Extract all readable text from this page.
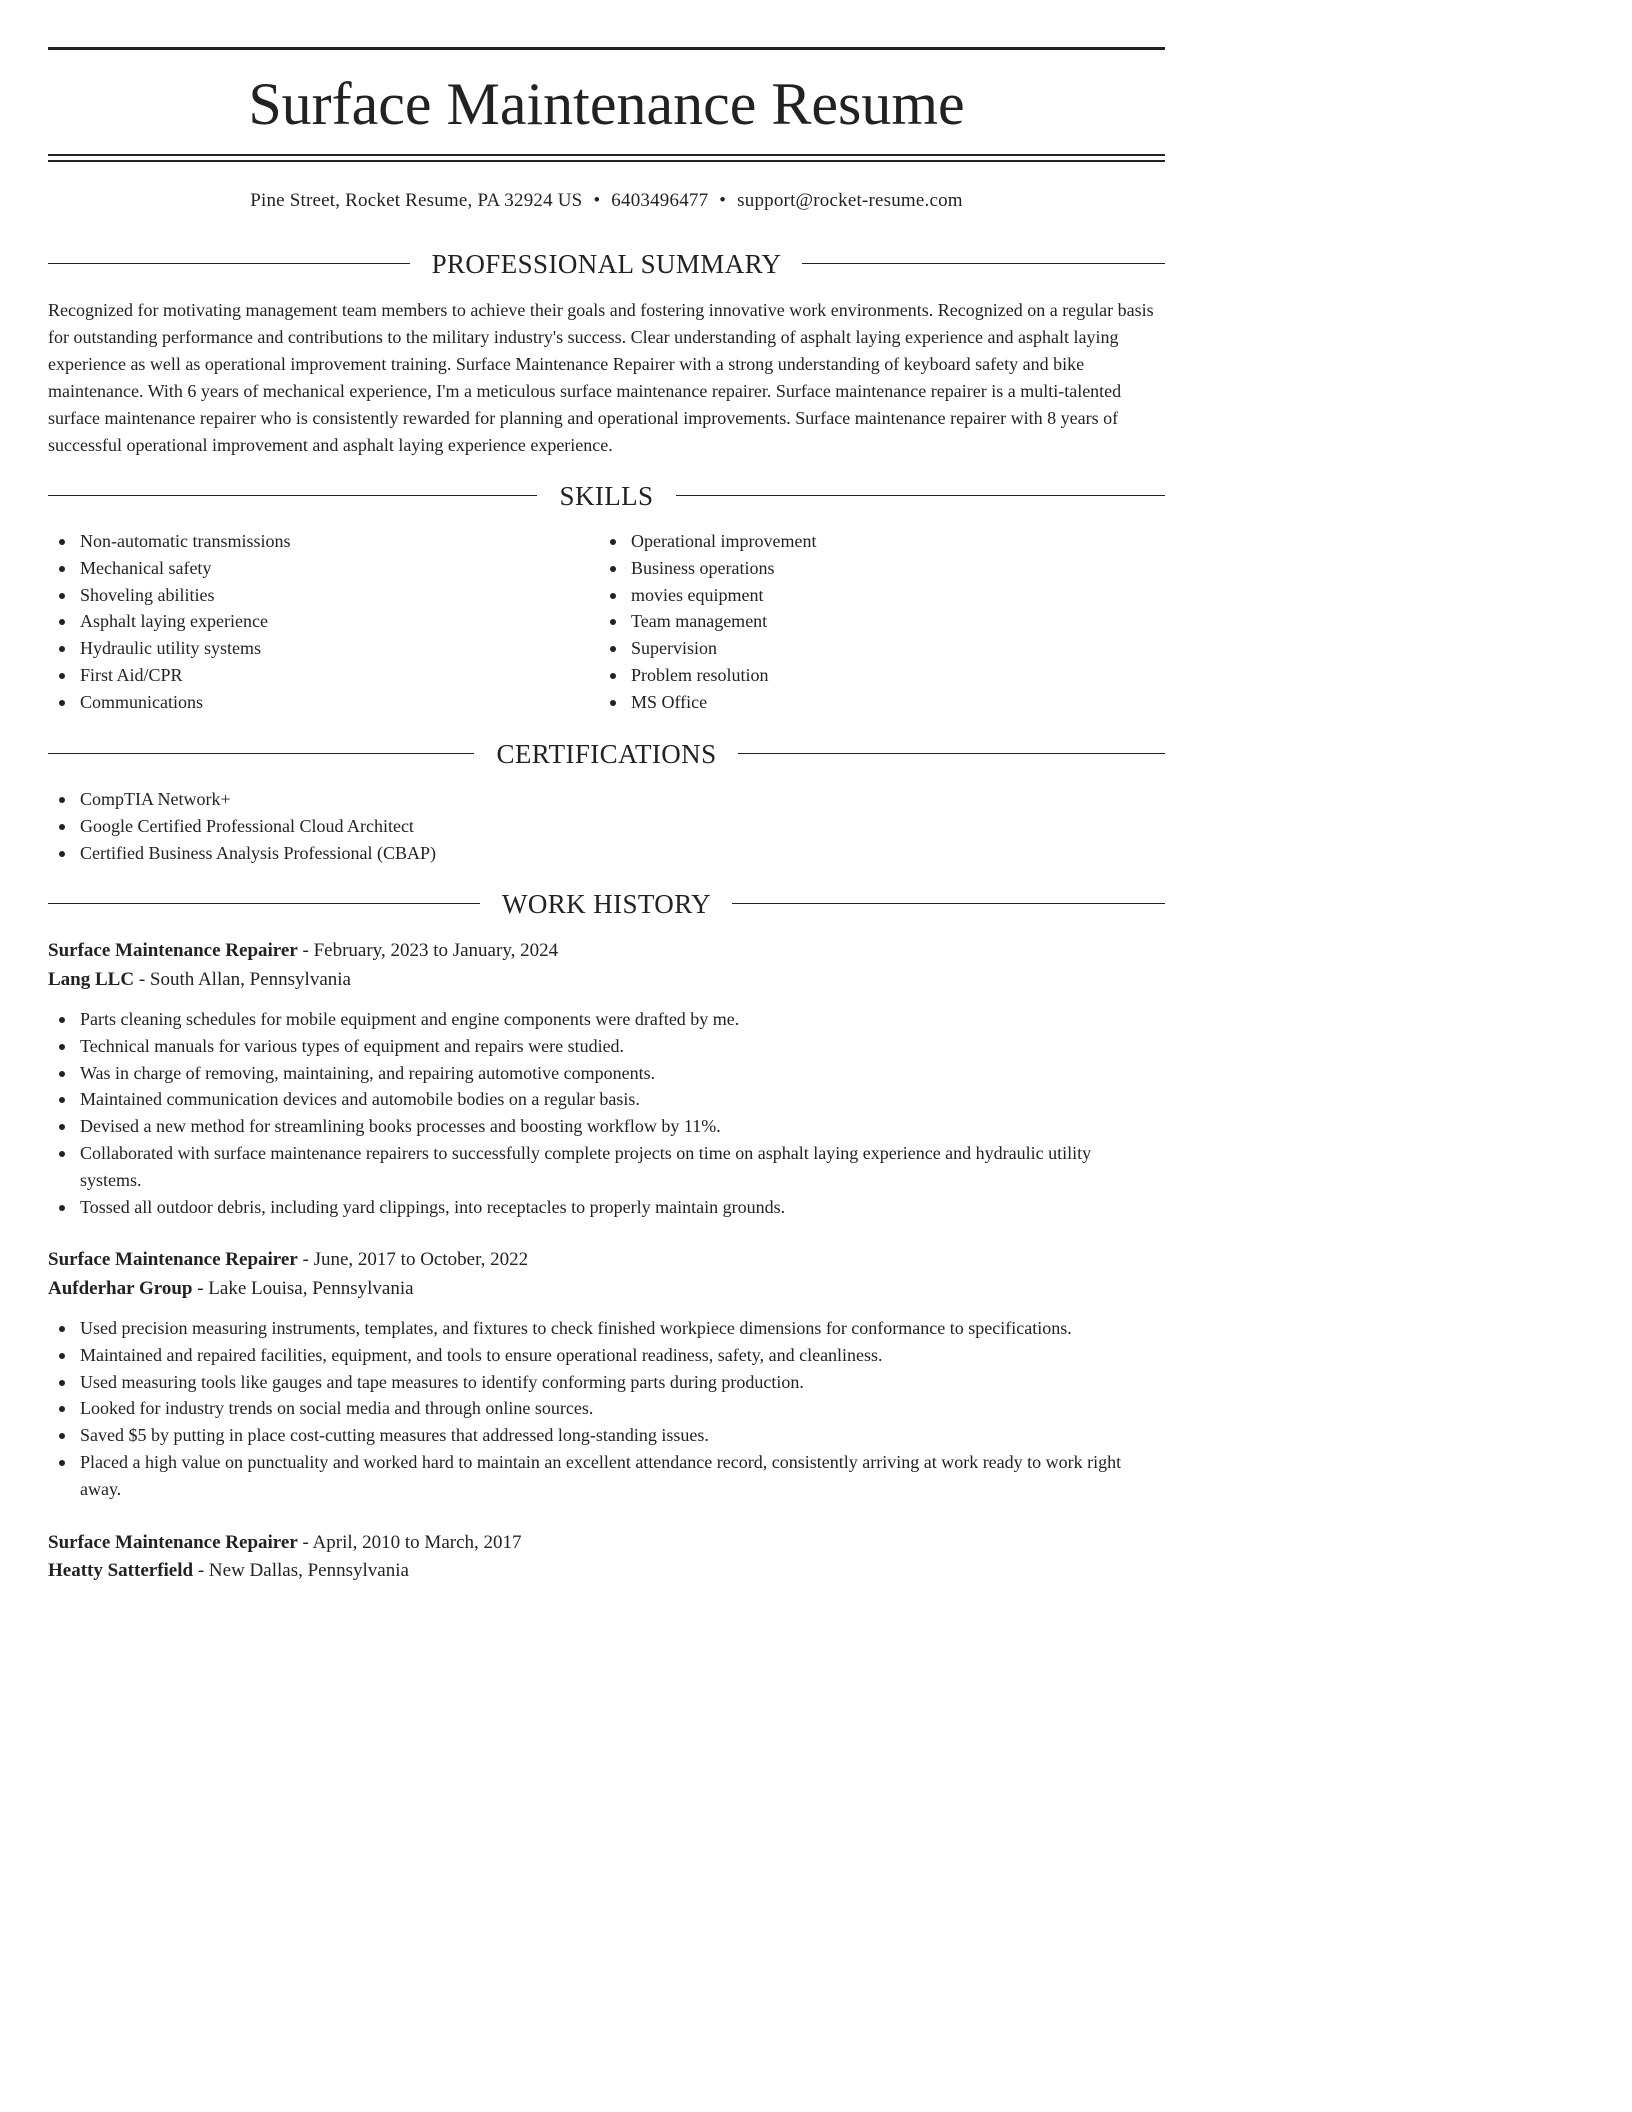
Surface Maintenance Resume
Pine Street, Rocket Resume, PA 32924 US • 6403496477 • support@rocket-resume.com
PROFESSIONAL SUMMARY

Recognized for motivating management team members to achieve their goals and fostering innovative work environments. Recognized on a regular basis for outstanding performance and contributions to the military industry's success. Clear understanding of asphalt laying experience and asphalt laying experience as well as operational improvement training. Surface Maintenance Repairer with a strong understanding of keyboard safety and bike maintenance. With 6 years of mechanical experience, I'm a meticulous surface maintenance repairer. Surface maintenance repairer is a multi-talented surface maintenance repairer who is consistently rewarded for planning and operational improvements. Surface maintenance repairer with 8 years of successful operational improvement and asphalt laying experience experience.

SKILLS
Non-automatic transmissions
Mechanical safety
Shoveling abilities
Asphalt laying experience
Hydraulic utility systems
First Aid/CPR
Communications
Operational improvement
Business operations
movies equipment
Team management
Supervision
Problem resolution
MS Office
CERTIFICATIONS
CompTIA Network+
Google Certified Professional Cloud Architect
Certified Business Analysis Professional (CBAP)
WORK HISTORY
Surface Maintenance Repairer - February, 2023 to January, 2024
Lang LLC - South Allan, Pennsylvania
Parts cleaning schedules for mobile equipment and engine components were drafted by me.
Technical manuals for various types of equipment and repairs were studied.
Was in charge of removing, maintaining, and repairing automotive components.
Maintained communication devices and automobile bodies on a regular basis.
Devised a new method for streamlining books processes and boosting workflow by 11%.
Collaborated with surface maintenance repairers to successfully complete projects on time on asphalt laying experience and hydraulic utility systems.
Tossed all outdoor debris, including yard clippings, into receptacles to properly maintain grounds.
Surface Maintenance Repairer - June, 2017 to October, 2022
Aufderhar Group - Lake Louisa, Pennsylvania
Used precision measuring instruments, templates, and fixtures to check finished workpiece dimensions for conformance to specifications.
Maintained and repaired facilities, equipment, and tools to ensure operational readiness, safety, and cleanliness.
Used measuring tools like gauges and tape measures to identify conforming parts during production.
Looked for industry trends on social media and through online sources.
Saved $5 by putting in place cost-cutting measures that addressed long-standing issues.
Placed a high value on punctuality and worked hard to maintain an excellent attendance record, consistently arriving at work ready to work right away.
Surface Maintenance Repairer - April, 2010 to March, 2017
Heatty Satterfield - New Dallas, Pennsylvania
